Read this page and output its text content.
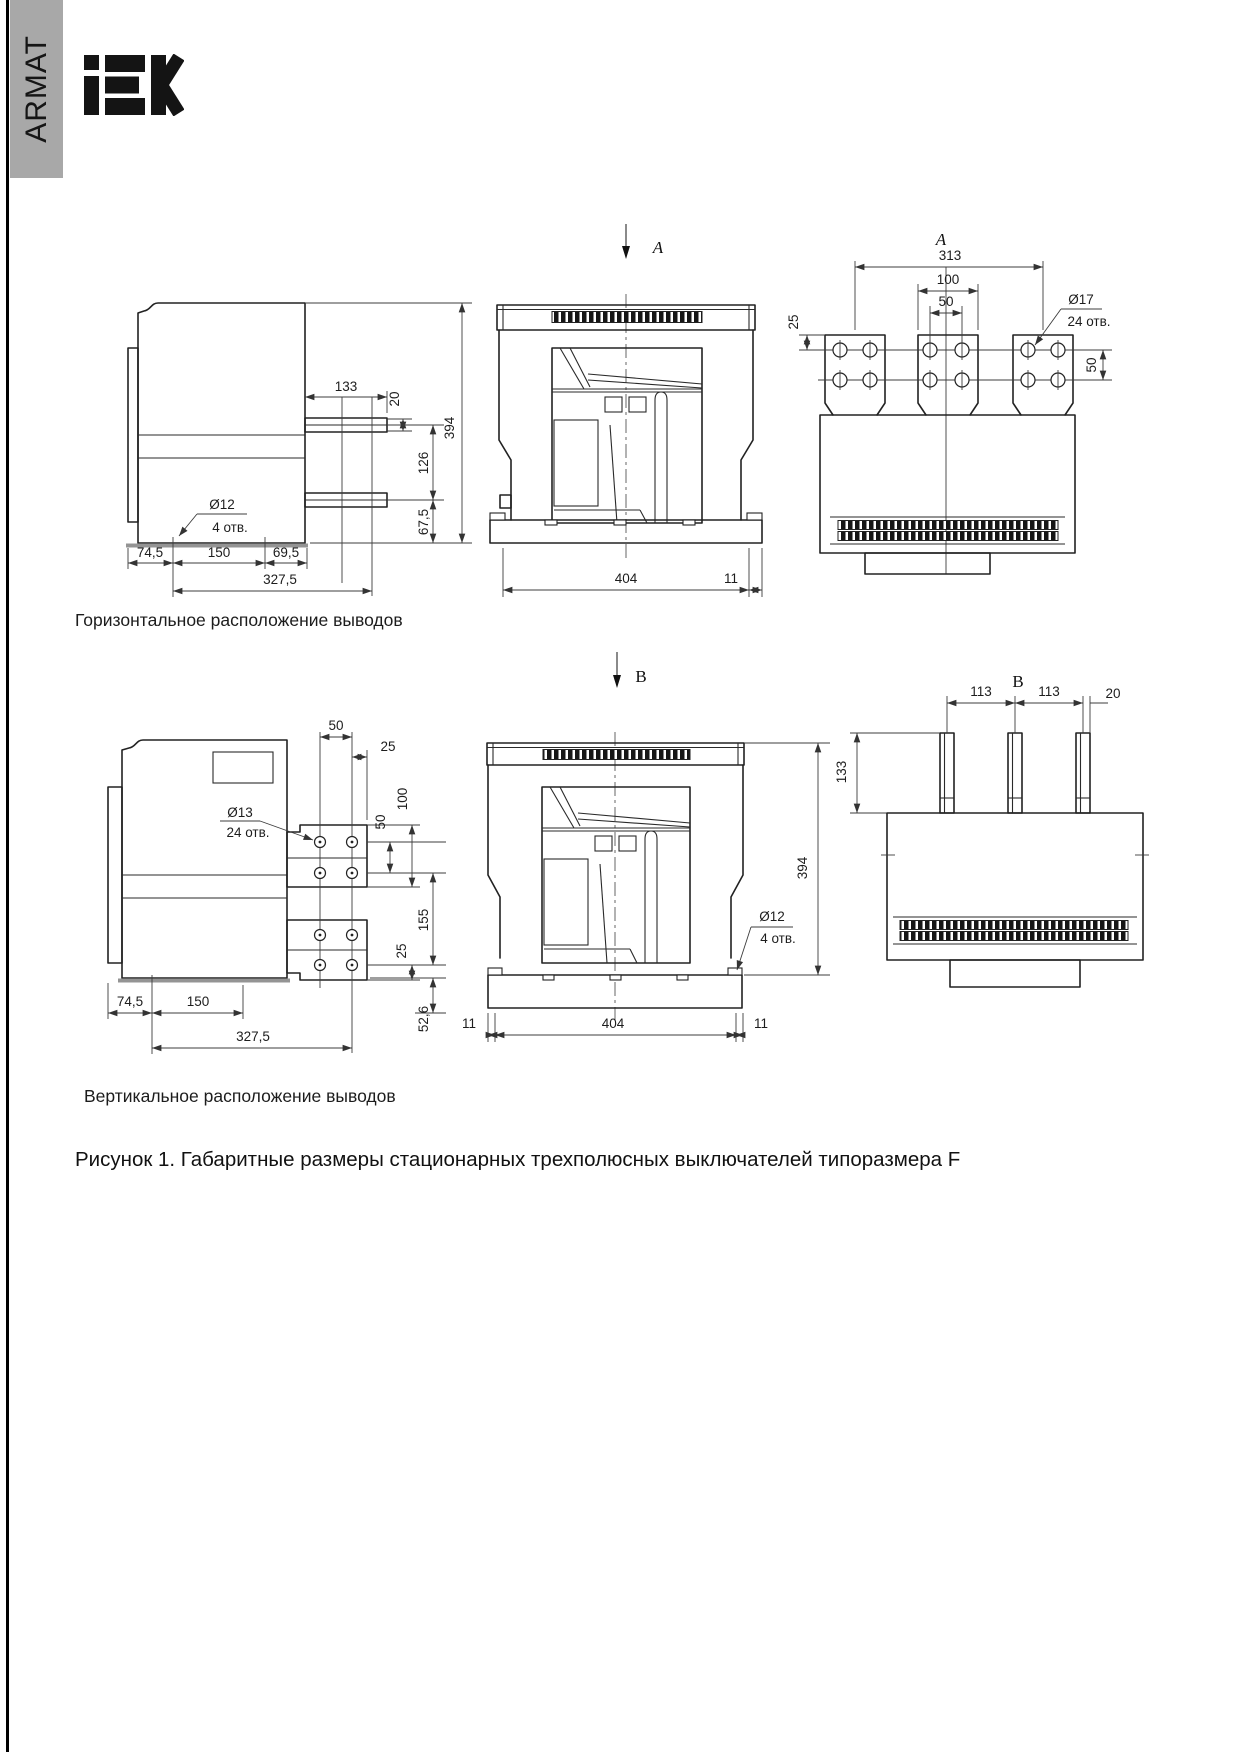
ARMAT
133
20
126
67,5
394
Ø12
4 отв.
74,5	150	69,5
327,5
A
404	11
A
313
100
50
25
Ø17
24 отв.
50
50
25
Ø13
24 отв.
50
100
155
25
52,6
74,5	150
327,5
B
394
Ø12
4 отв.
11	404	11
B
113	113	20
133
Горизонтальное расположение выводов
Вертикальное расположение выводов
Рисунок 1. Габаритные размеры стационарных трехполюсных выключателей типоразмера F
